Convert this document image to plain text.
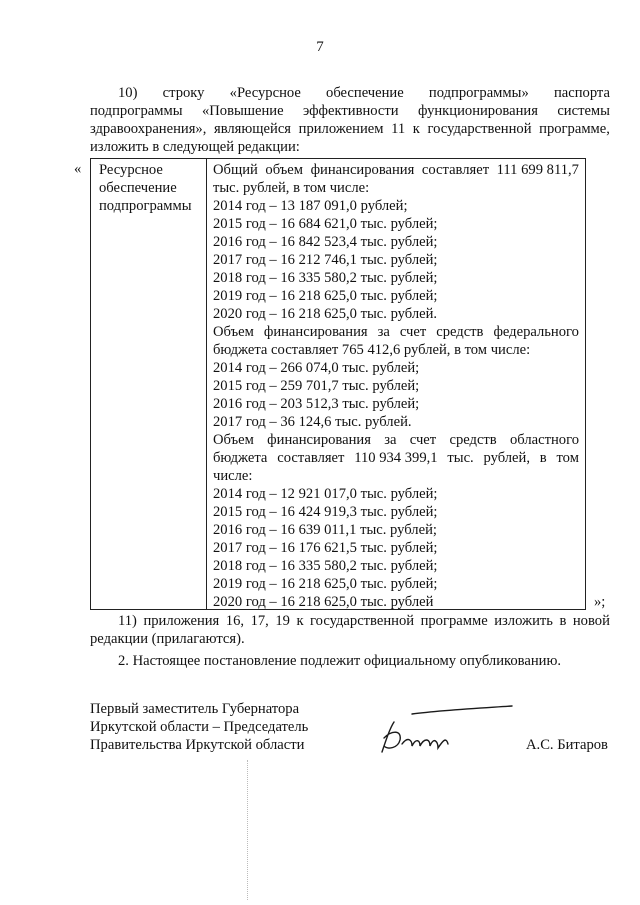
7
10) строку «Ресурсное обеспечение подпрограммы» паспорта
подпрограммы «Повышение эффективности функционирования системы
здравоохранения», являющейся приложением 11 к государственной программе,
изложить в следующей редакции:
« Ресурсное
обеспечение
подпрограммы
Общий объем финансирования составляет 111 699 811,7
тыс. рублей, в том числе:
2014 год – 13 187 091,0 рублей;
2015 год – 16 684 621,0 тыс. рублей;
2016 год – 16 842 523,4 тыс. рублей;
2017 год – 16 212 746,1 тыс. рублей;
2018 год – 16 335 580,2 тыс. рублей;
2019 год – 16 218 625,0 тыс. рублей;
2020 год – 16 218 625,0 тыс. рублей.
Объем финансирования за счет средств федерального
бюджета составляет 765 412,6 рублей, в том числе:
2014 год – 266 074,0 тыс. рублей;
2015 год – 259 701,7 тыс. рублей;
2016 год – 203 512,3 тыс. рублей;
2017 год – 36 124,6 тыс. рублей.
Объем финансирования за счет средств областного
бюджета составляет 110 934 399,1 тыс. рублей, в том
числе:
2014 год – 12 921 017,0 тыс. рублей;
2015 год – 16 424 919,3 тыс. рублей;
2016 год – 16 639 011,1 тыс. рублей;
2017 год – 16 176 621,5 тыс. рублей;
2018 год – 16 335 580,2 тыс. рублей;
2019 год – 16 218 625,0 тыс. рублей;
2020 год – 16 218 625,0 тыс. рублей	»;
11) приложения 16, 17, 19 к государственной программе изложить в новой
редакции (прилагаются).
2. Настоящее постановление подлежит официальному опубликованию.
Первый заместитель Губернатора
Иркутской области – Председатель
Правительства Иркутской области	А.С. Битаров
